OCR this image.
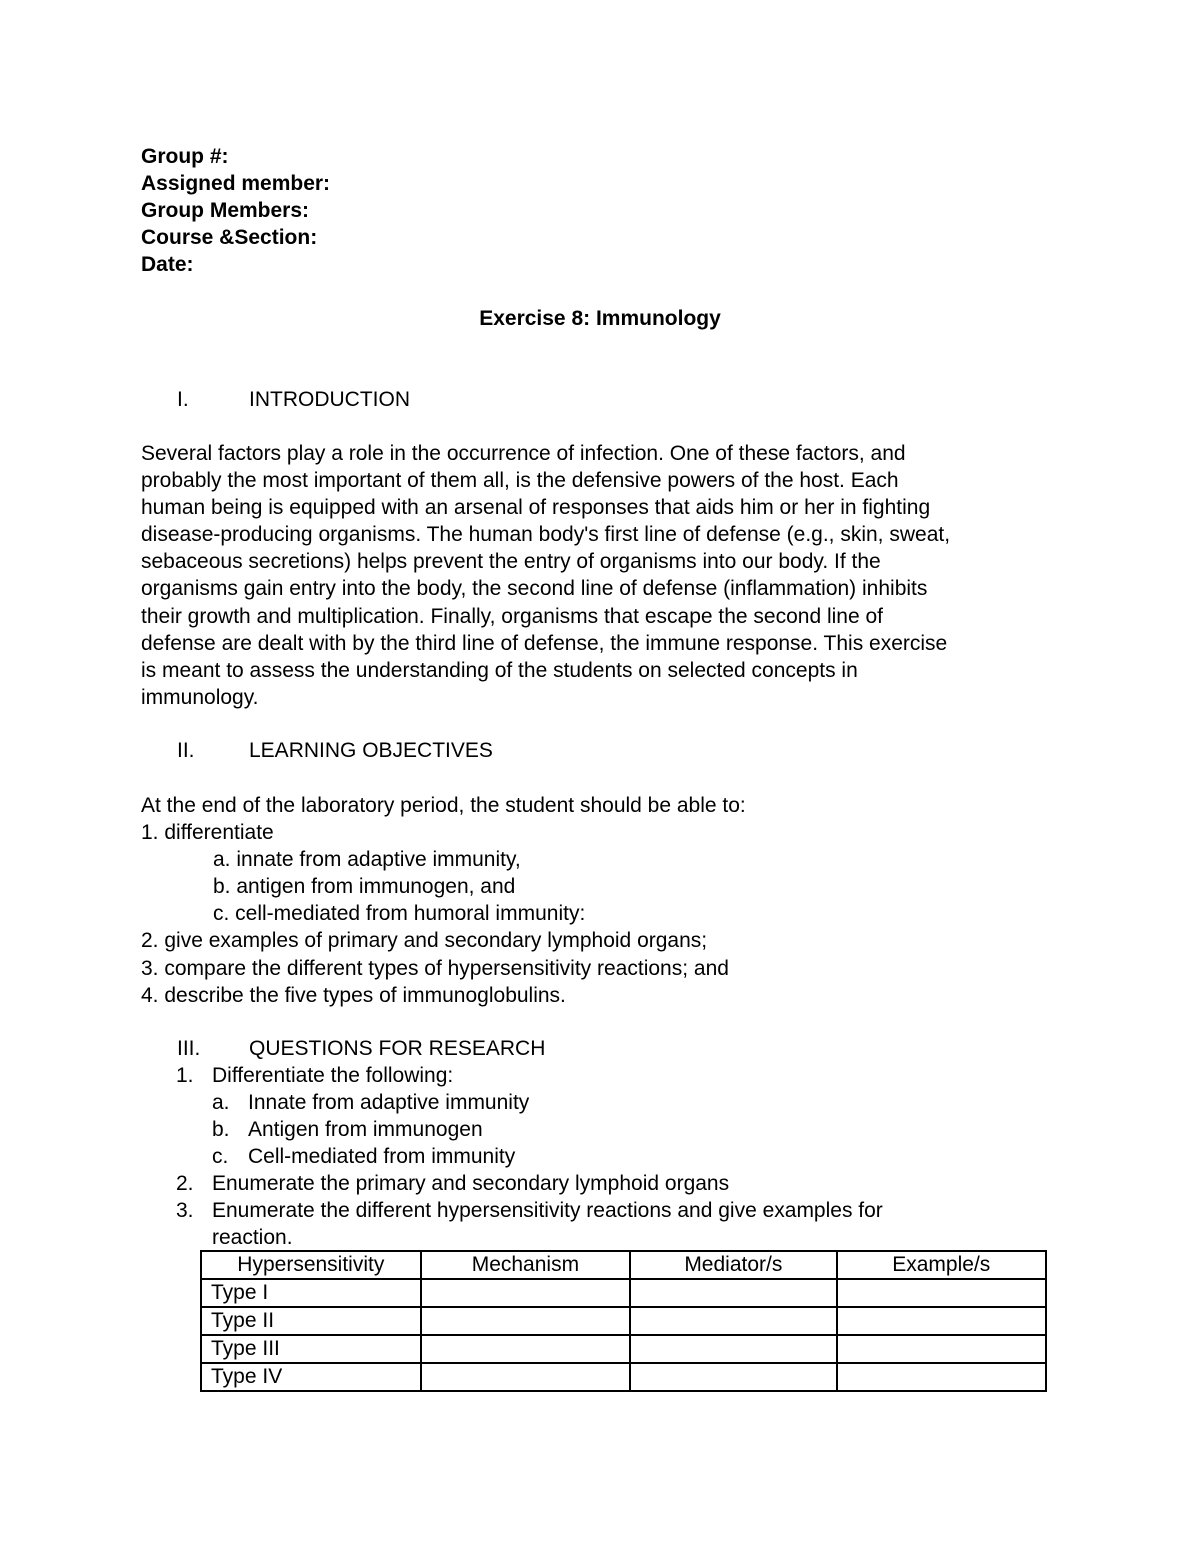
Group #:
Assigned member:
Group Members:
Course &Section:
Date:
Exercise 8: Immunology
I.	INTRODUCTION
Several factors play a role in the occurrence of infection. One of these factors, and
probably the most important of them all, is the defensive powers of the host. Each
human being is equipped with an arsenal of responses that aids him or her in fighting
disease-producing organisms. The human body's first line of defense (e.g., skin, sweat,
sebaceous secretions) helps prevent the entry of organisms into our body. If the
organisms gain entry into the body, the second line of defense (inflammation) inhibits
their growth and multiplication. Finally, organisms that escape the second line of
defense are dealt with by the third line of defense, the immune response. This exercise
is meant to assess the understanding of the students on selected concepts in
immunology.
II.	LEARNING OBJECTIVES
At the end of the laboratory period, the student should be able to:
1. differentiate
a. innate from adaptive immunity,
b. antigen from immunogen, and
c. cell-mediated from humoral immunity:
2. give examples of primary and secondary lymphoid organs;
3. compare the different types of hypersensitivity reactions; and
4. describe the five types of immunoglobulins.
III. QUESTIONS FOR RESEARCH
1. Differentiate the following:
a. Innate from adaptive immunity
b. Antigen from immunogen
c. Cell-mediated from immunity
2. Enumerate the primary and secondary lymphoid organs
3. Enumerate the different hypersensitivity reactions and give examples for
reaction.
Hypersensitivity	Mechanism	Mediator/s	Example/s
Type I			
Type II			
Type III			
Type IV			
